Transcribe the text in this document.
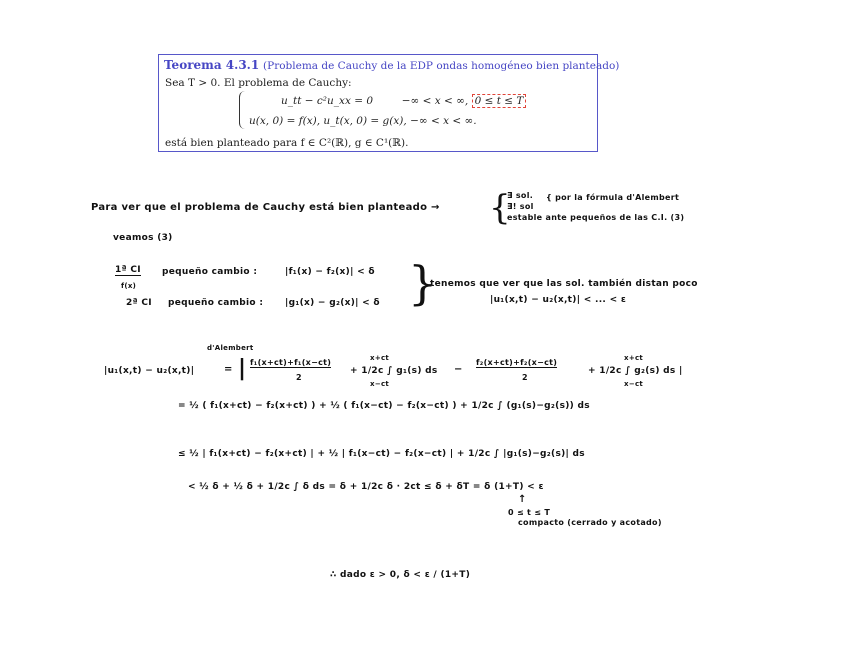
Teorema 4.3.1 (Problema de Cauchy de la EDP ondas homogéneo bien planteado)
Sea T > 0. El problema de Cauchy:
u_tt − c²u_xx = 0	−∞ < x < ∞, 0 ≤ t ≤ T
u(x, 0) = f(x), u_t(x, 0) = g(x), −∞ < x < ∞.
está bien planteado para f ∈ C²(ℝ), g ∈ C¹(ℝ).
Para ver que el problema de Cauchy está bien planteado → {
∃ sol.
∃! sol
{ por la fórmula d'Alembert
estable ante pequeños de las C.I. (3)
veamos (3)
1ª CI
f(x)
pequeño cambio :	|f₁(x) − f₂(x)| < δ
2ª CI pequeño cambio : |g₁(x) − g₂(x)| < δ }
tenemos que ver que las sol. también distan poco
|u₁(x,t) − u₂(x,t)| < ... < ε
d'Alembert
|u₁(x,t) − u₂(x,t)|	= | f₁(x+ct)+f₁(x−ct)
2
x+ct
+ 1/2c ∫ g₁(s) ds
x−ct
−
f₂(x+ct)+f₂(x−ct)
2
x+ct
+ 1/2c ∫ g₂(s) ds |
x−ct
= ½ ( f₁(x+ct) − f₂(x+ct) ) + ½ ( f₁(x−ct) − f₂(x−ct) ) + 1/2c ∫ (g₁(s)−g₂(s)) ds
≤ ½ | f₁(x+ct) − f₂(x+ct) | + ½ | f₁(x−ct) − f₂(x−ct) | + 1/2c ∫ |g₁(s)−g₂(s)| ds
< ½ δ + ½ δ + 1/2c ∫ δ ds = δ + 1/2c δ · 2ct ≤ δ + δT = δ (1+T) < ε
↑
0 ≤ t ≤ T
compacto (cerrado y acotado)
∴ dado ε > 0, δ < ε / (1+T)
